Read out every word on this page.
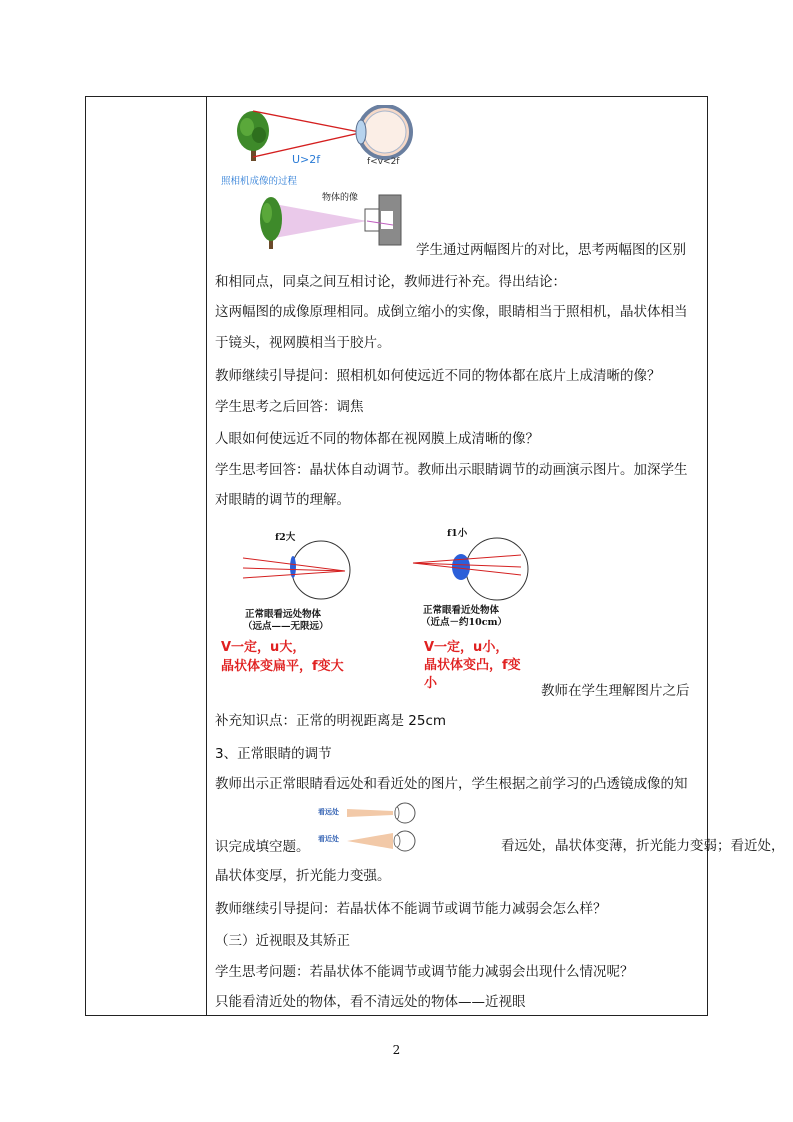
U>2f	f<v<2f
照相机成像的过程
物体的像
学生通过两幅图片的对比，思考两幅图的区别
和相同点，同桌之间互相讨论，教师进行补充。得出结论：
这两幅图的成像原理相同。成倒立缩小的实像，眼睛相当于照相机，晶状体相当
于镜头，视网膜相当于胶片。
教师继续引导提问：照相机如何使远近不同的物体都在底片上成清晰的像？
学生思考之后回答：调焦
人眼如何使远近不同的物体都在视网膜上成清晰的像？
学生思考回答：晶状体自动调节。教师出示眼睛调节的动画演示图片。加深学生
对眼睛的调节的理解。
f2大
正常眼看远处物体
（远点——无限远）
V一定，u大，
晶状体变扁平，f变大
f1小
正常眼看近处物体
（近点－约10cm）
V一定，u小，
晶状体变凸，f变
小	教师在学生理解图片之后
补充知识点：正常的明视距离是 25cm
3、正常眼睛的调节
教师出示正常眼睛看远处和看近处的图片，学生根据之前学习的凸透镜成像的知
看远处
看近处
识完成填空题。	看远处，晶状体变薄，折光能力变弱；看近处，
晶状体变厚，折光能力变强。
教师继续引导提问：若晶状体不能调节或调节能力减弱会怎么样？
（三）近视眼及其矫正
学生思考问题：若晶状体不能调节或调节能力减弱会出现什么情况呢？
只能看清近处的物体，看不清远处的物体——近视眼
2
